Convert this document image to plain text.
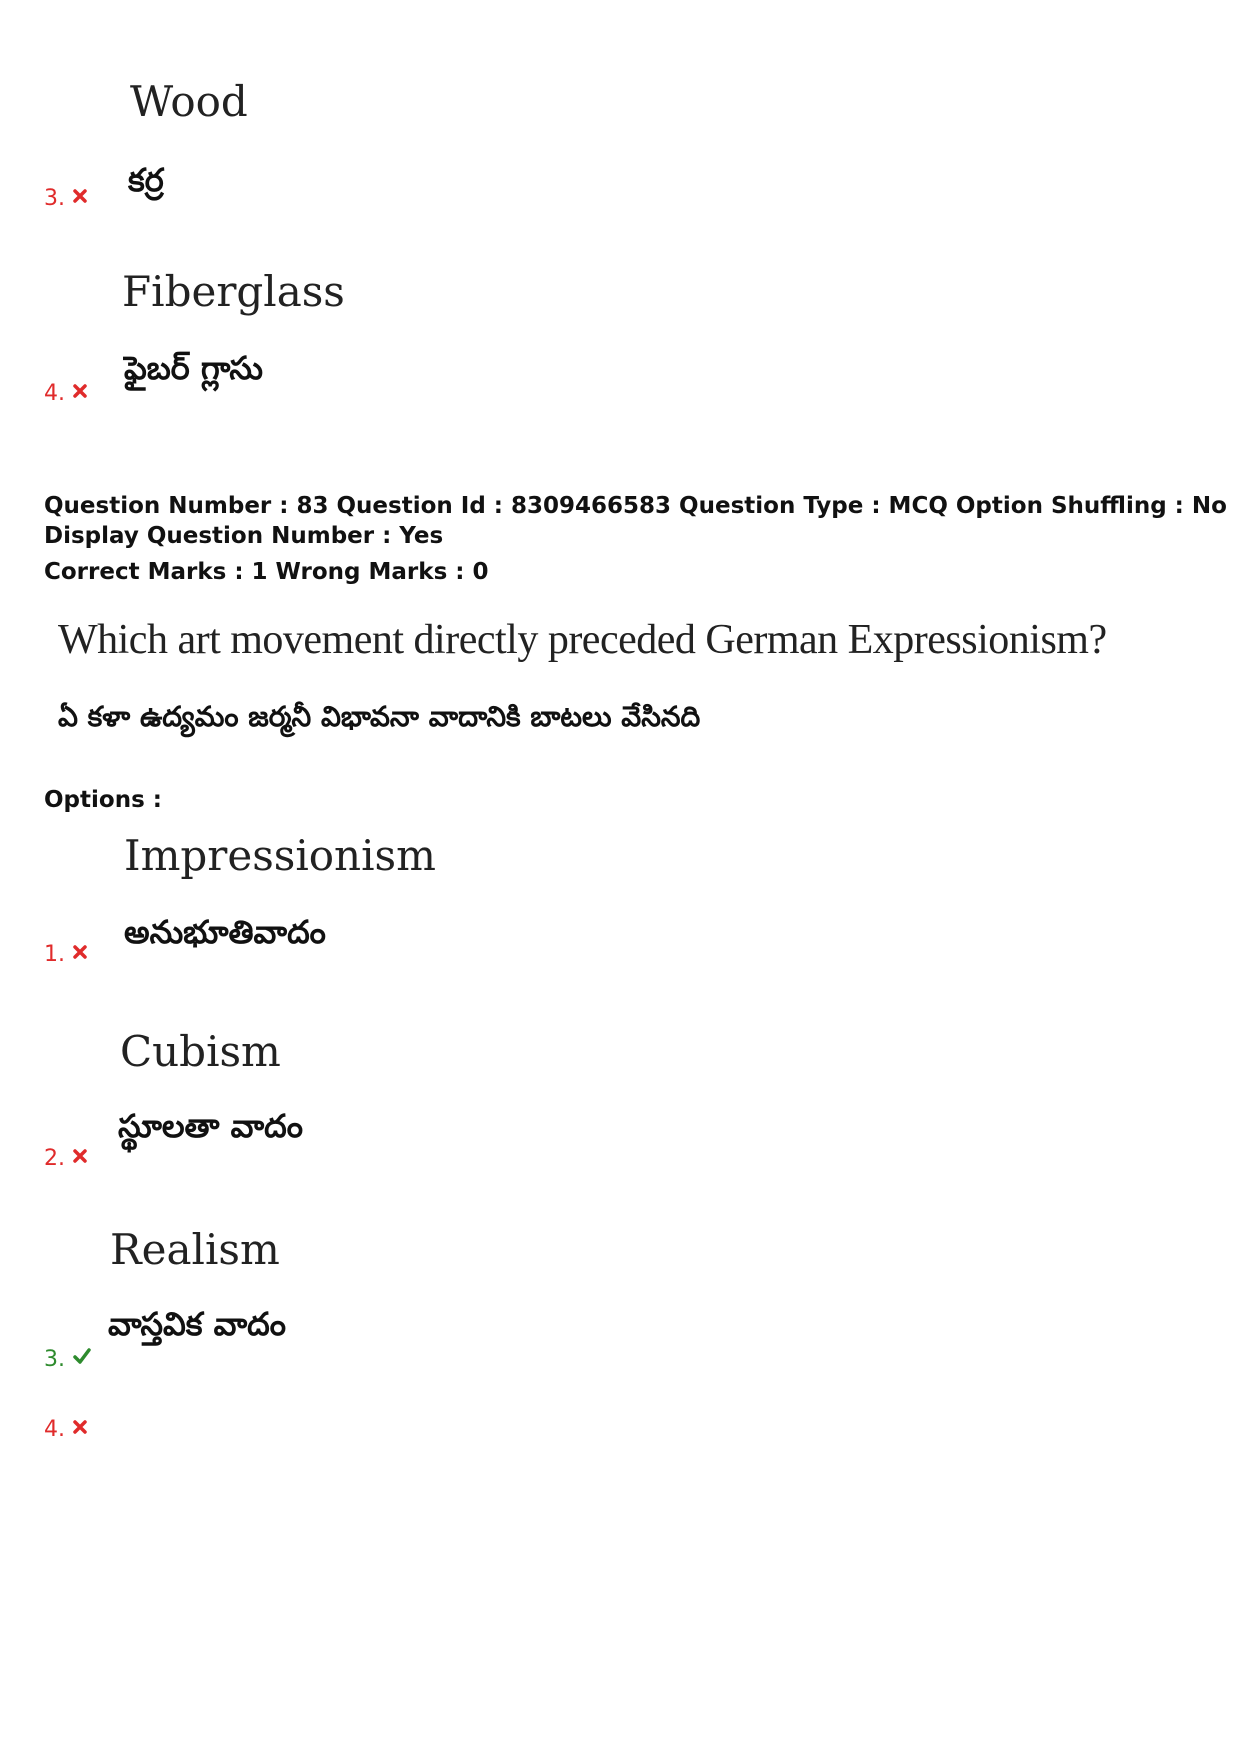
Wood
కర్ర
3.
Fiberglass
ఫైబర్ గ్లాసు
4.
Question Number : 83 Question Id : 8309466583 Question Type : MCQ Option Shuffling : No
Display Question Number : Yes
Correct Marks : 1 Wrong Marks : 0
Which art movement directly preceded German Expressionism?
ఏ కళా ఉద్యమం జర్మనీ విభావనా వాదానికి బాటలు వేసినది
Options :
Impressionism
అనుభూతివాదం
1.
Cubism
స్థూలతా వాదం
2.
Realism
వాస్తవిక వాదం
3.
4.
